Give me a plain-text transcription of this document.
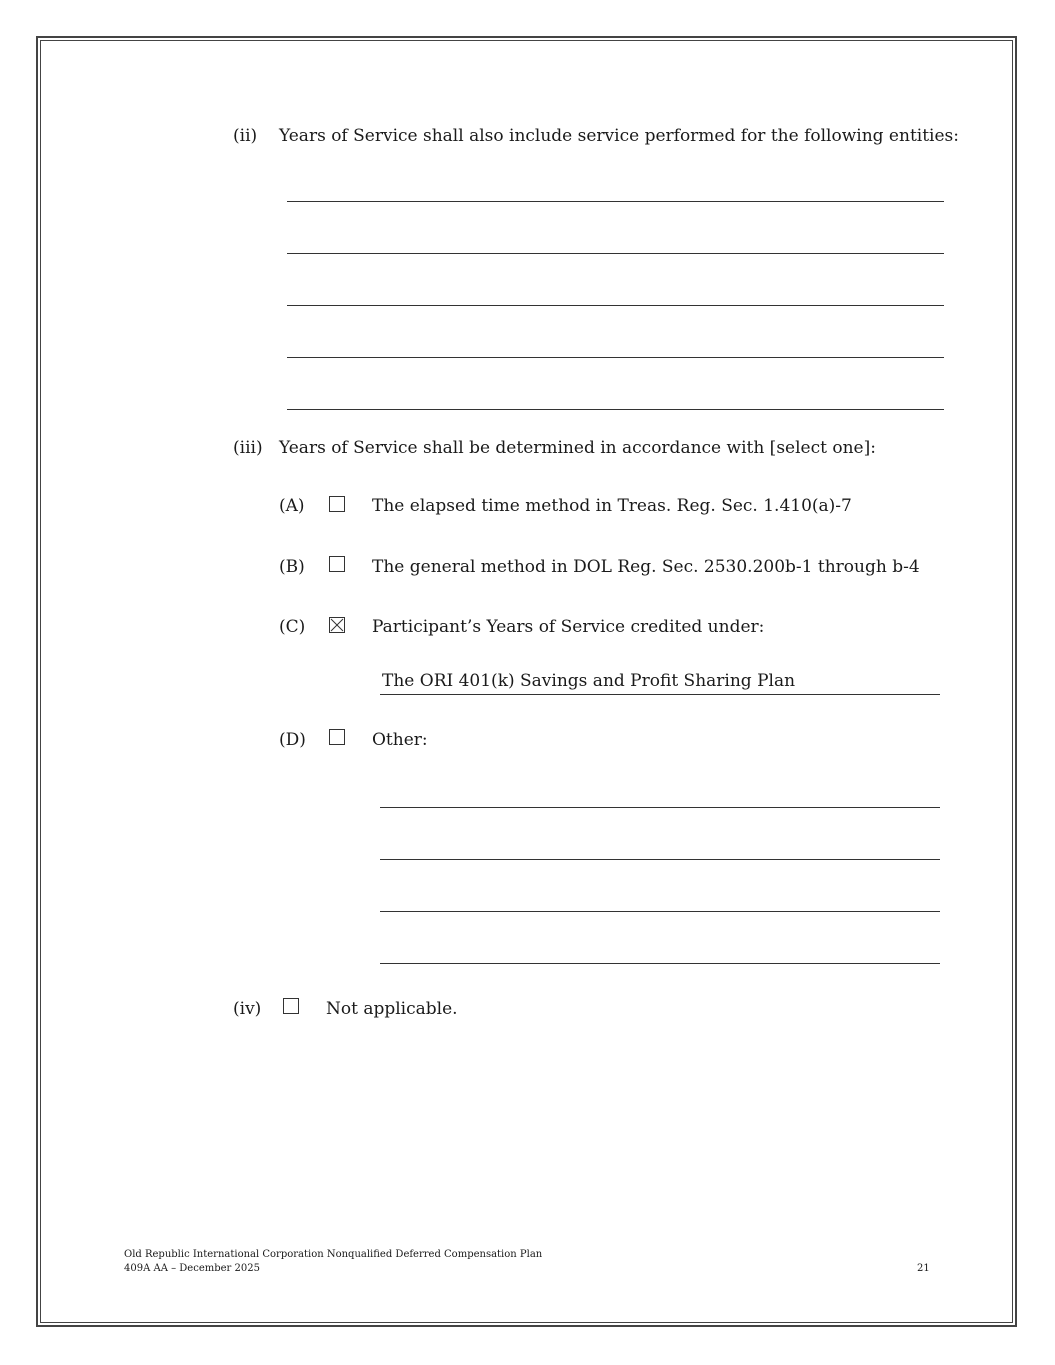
(ii) Years of Service shall also include service performed for the following entities:
(iii) Years of Service shall be determined in accordance with [select one]:
(A)	The elapsed time method in Treas. Reg. Sec. 1.410(a)-7
(B)	The general method in DOL Reg. Sec. 2530.200b-1 through b-4
(C)	Participant’s Years of Service credited under:
The ORI 401(k) Savings and Profit Sharing Plan
(D)	Other:
(iv)	Not applicable.
Old Republic International Corporation Nonqualified Deferred Compensation Plan
409A AA – December 2025	21
